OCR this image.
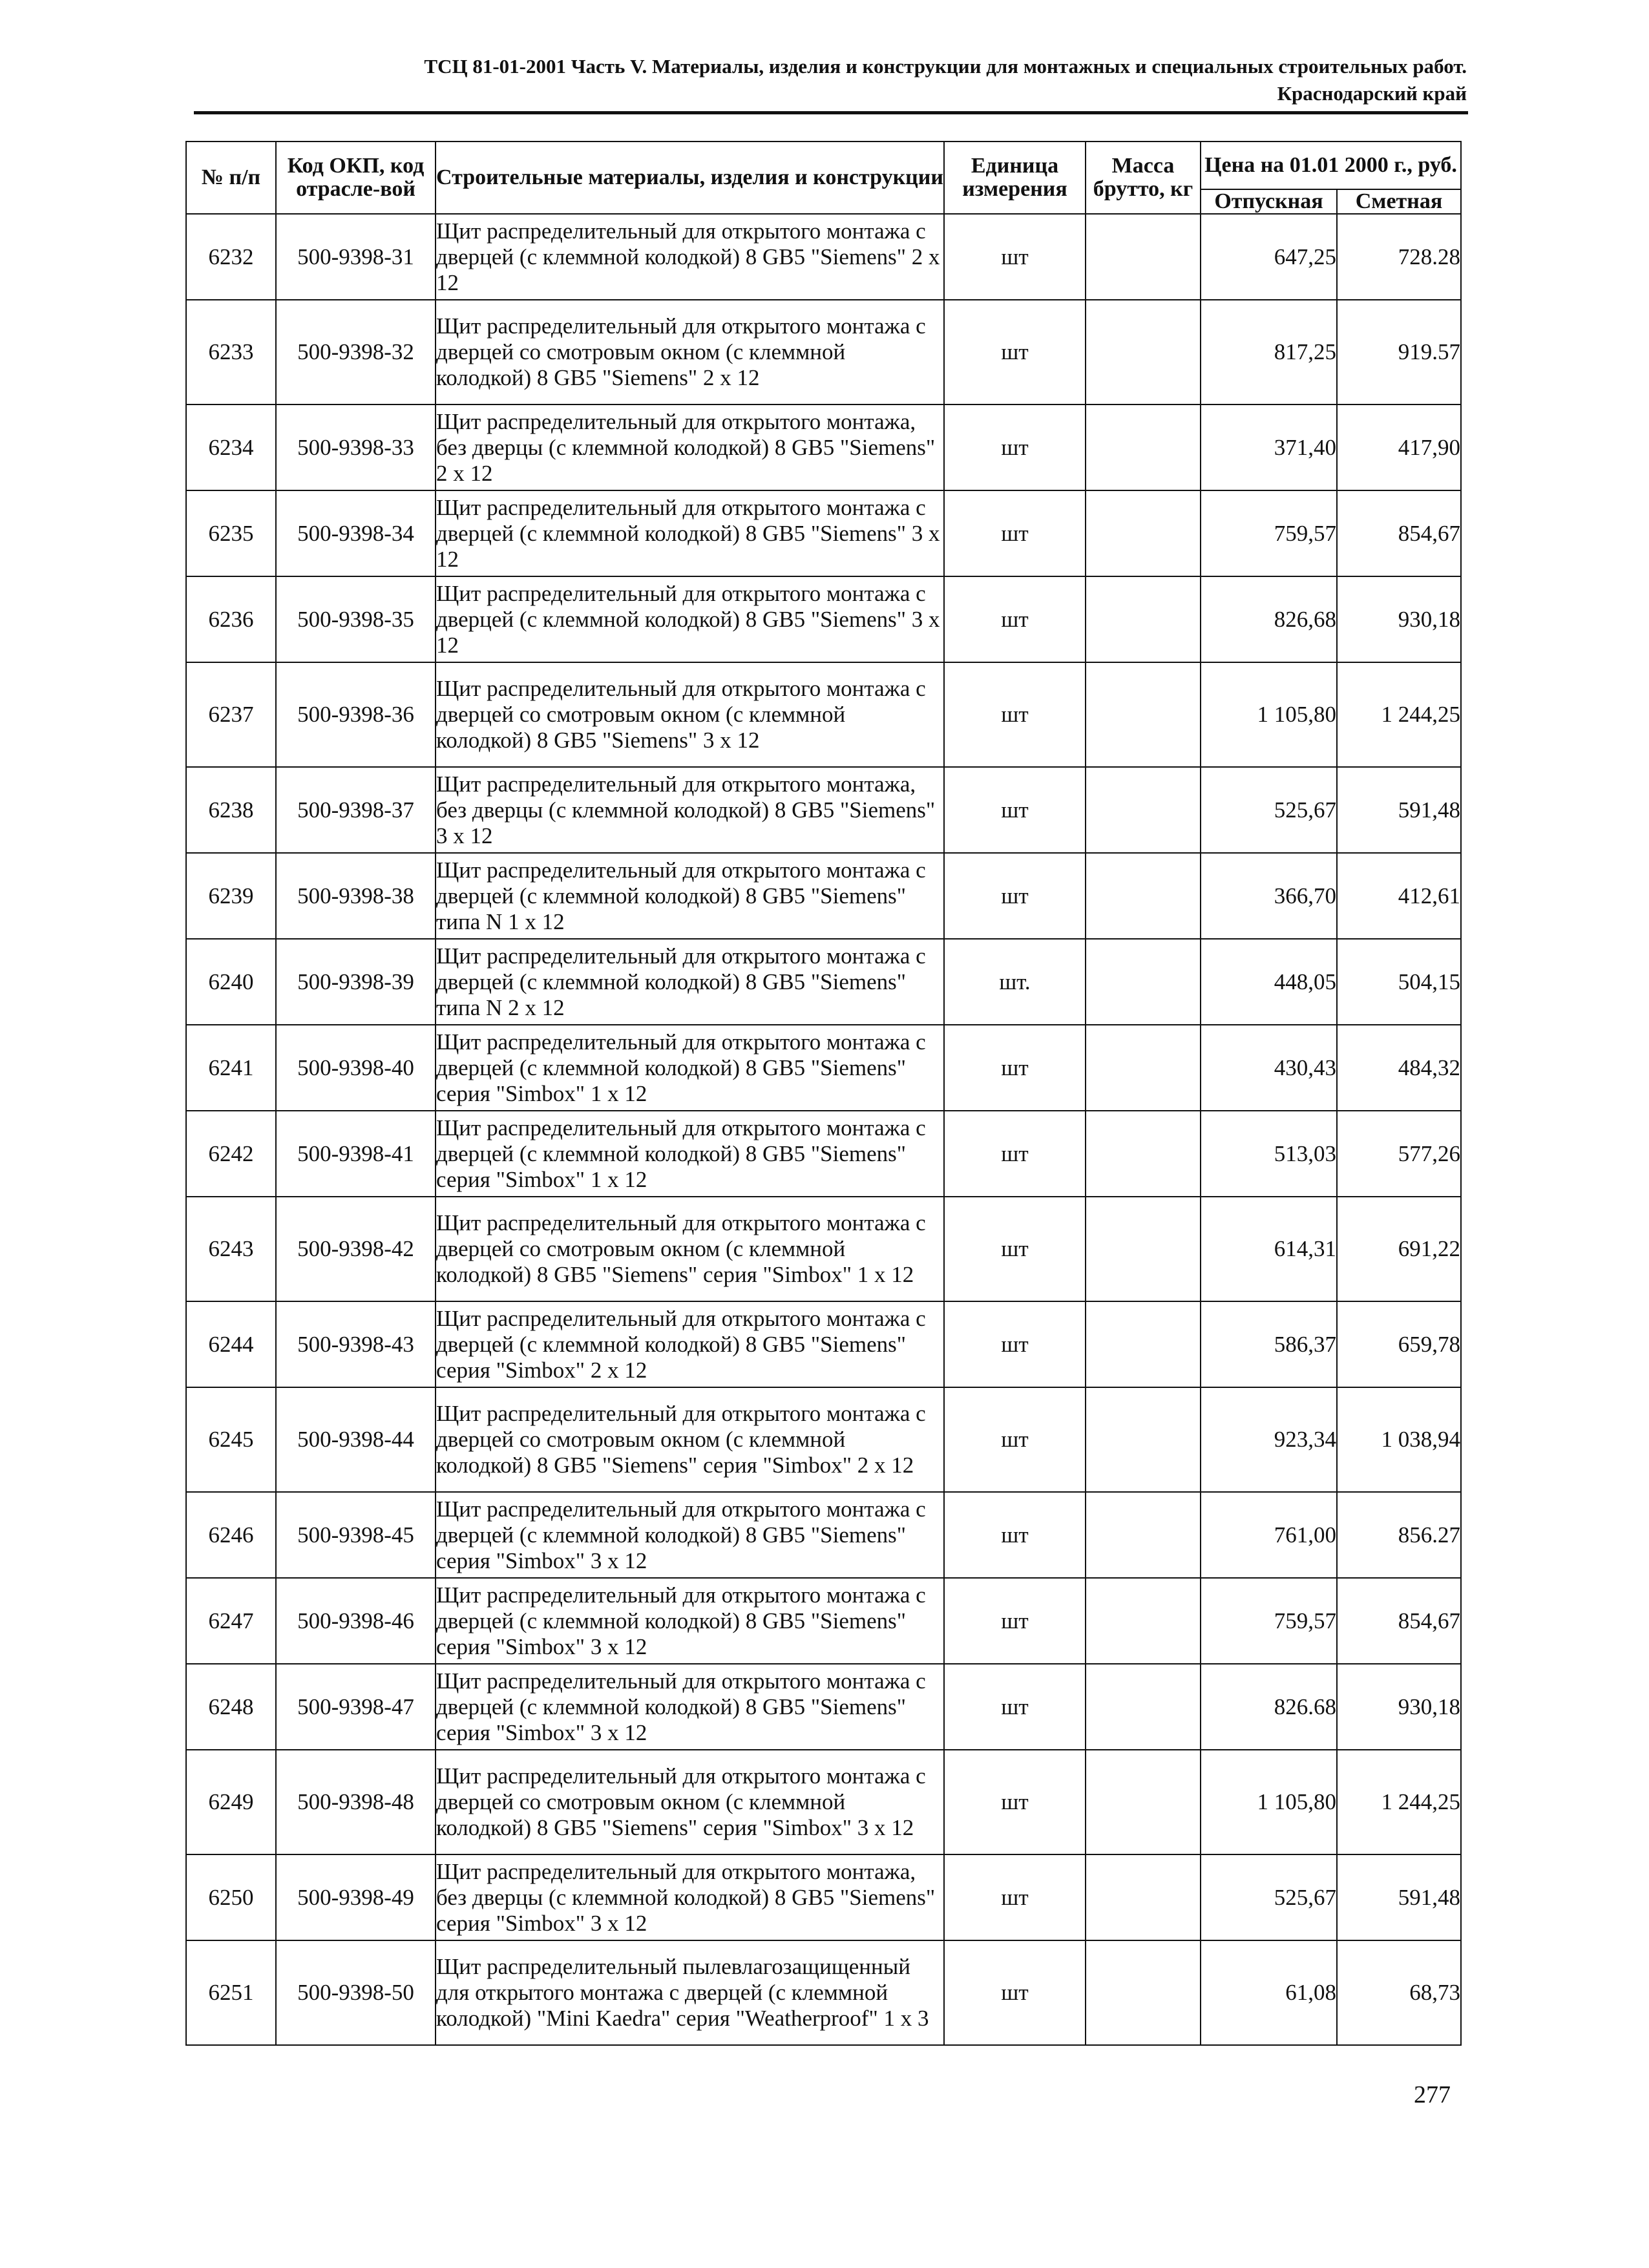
ТСЦ 81-01-2001 Часть V. Материалы, изделия и конструкции для монтажных и специальных строительных работ.
Краснодарский край
№ п/п	Код ОКП, код отрасле-вой	Строительные материалы, изделия и конструкции	Единица измерения	Масса брутто, кг	Цена на 01.01 2000 г., руб.	
					Отпускная	Сметная
6232	500-9398-31	Щит распределительный для открытого монтажа с дверцей (с клеммной колодкой) 8 GB5 "Siemens" 2 x 12	шт		647,25	728.28
6233	500-9398-32	Щит распределительный для открытого монтажа с дверцей со смотровым окном (с клеммной колодкой) 8 GB5 "Siemens" 2 x 12	шт		817,25	919.57
6234	500-9398-33	Щит распределительный для открытого монтажа, без дверцы (с клеммной колодкой) 8 GB5 "Siemens" 2 x 12	шт		371,40	417,90
6235	500-9398-34	Щит распределительный для открытого монтажа с дверцей (с клеммной колодкой) 8 GB5 "Siemens" 3 x 12	шт		759,57	854,67
6236	500-9398-35	Щит распределительный для открытого монтажа с дверцей (с клеммной колодкой) 8 GB5 "Siemens" 3 x 12	шт		826,68	930,18
6237	500-9398-36	Щит распределительный для открытого монтажа с дверцей со смотровым окном (с клеммной колодкой) 8 GB5 "Siemens" 3 x 12	шт		1 105,80	1 244,25
6238	500-9398-37	Щит распределительный для открытого монтажа, без дверцы (с клеммной колодкой) 8 GB5 "Siemens" 3 x 12	шт		525,67	591,48
6239	500-9398-38	Щит распределительный для открытого монтажа с дверцей (с клеммной колодкой) 8 GB5 "Siemens" типа N 1 x 12	шт		366,70	412,61
6240	500-9398-39	Щит распределительный для открытого монтажа с дверцей (с клеммной колодкой) 8 GB5 "Siemens" типа N 2 x 12	шт.		448,05	504,15
6241	500-9398-40	Щит распределительный для открытого монтажа с дверцей (с клеммной колодкой) 8 GB5 "Siemens" серия "Simbox" 1 x 12	шт		430,43	484,32
6242	500-9398-41	Щит распределительный для открытого монтажа с дверцей (с клеммной колодкой) 8 GB5 "Siemens" серия "Simbox" 1 x 12	шт		513,03	577,26
6243	500-9398-42	Щит распределительный для открытого монтажа с дверцей со смотровым окном (с клеммной колодкой) 8 GB5 "Siemens" серия "Simbox" 1 x 12	шт		614,31	691,22
6244	500-9398-43	Щит распределительный для открытого монтажа с дверцей (с клеммной колодкой) 8 GB5 "Siemens" серия "Simbox" 2 x 12	шт		586,37	659,78
6245	500-9398-44	Щит распределительный для открытого монтажа с дверцей со смотровым окном (с клеммной колодкой) 8 GB5 "Siemens" серия "Simbox" 2 x 12	шт		923,34	1 038,94
6246	500-9398-45	Щит распределительный для открытого монтажа с дверцей (с клеммной колодкой) 8 GB5 "Siemens" серия "Simbox" 3 x 12	шт		761,00	856.27
6247	500-9398-46	Щит распределительный для открытого монтажа с дверцей (с клеммной колодкой) 8 GB5 "Siemens" серия "Simbox" 3 x 12	шт		759,57	854,67
6248	500-9398-47	Щит распределительный для открытого монтажа с дверцей (с клеммной колодкой) 8 GB5 "Siemens" серия "Simbox" 3 x 12	шт		826.68	930,18
6249	500-9398-48	Щит распределительный для открытого монтажа с дверцей со смотровым окном (с клеммной колодкой) 8 GB5 "Siemens" серия "Simbox" 3 x 12	шт		1 105,80	1 244,25
6250	500-9398-49	Щит распределительный для открытого монтажа, без дверцы (с клеммной колодкой) 8 GB5 "Siemens" серия "Simbox" 3 x 12	шт		525,67	591,48
6251	500-9398-50	Щит распределительный пылевлагозащищенный для открытого монтажа с дверцей (с клеммной колодкой) "Mini Kaedra" серия "Weatherproof" 1 x 3	шт		61,08	68,73
277
